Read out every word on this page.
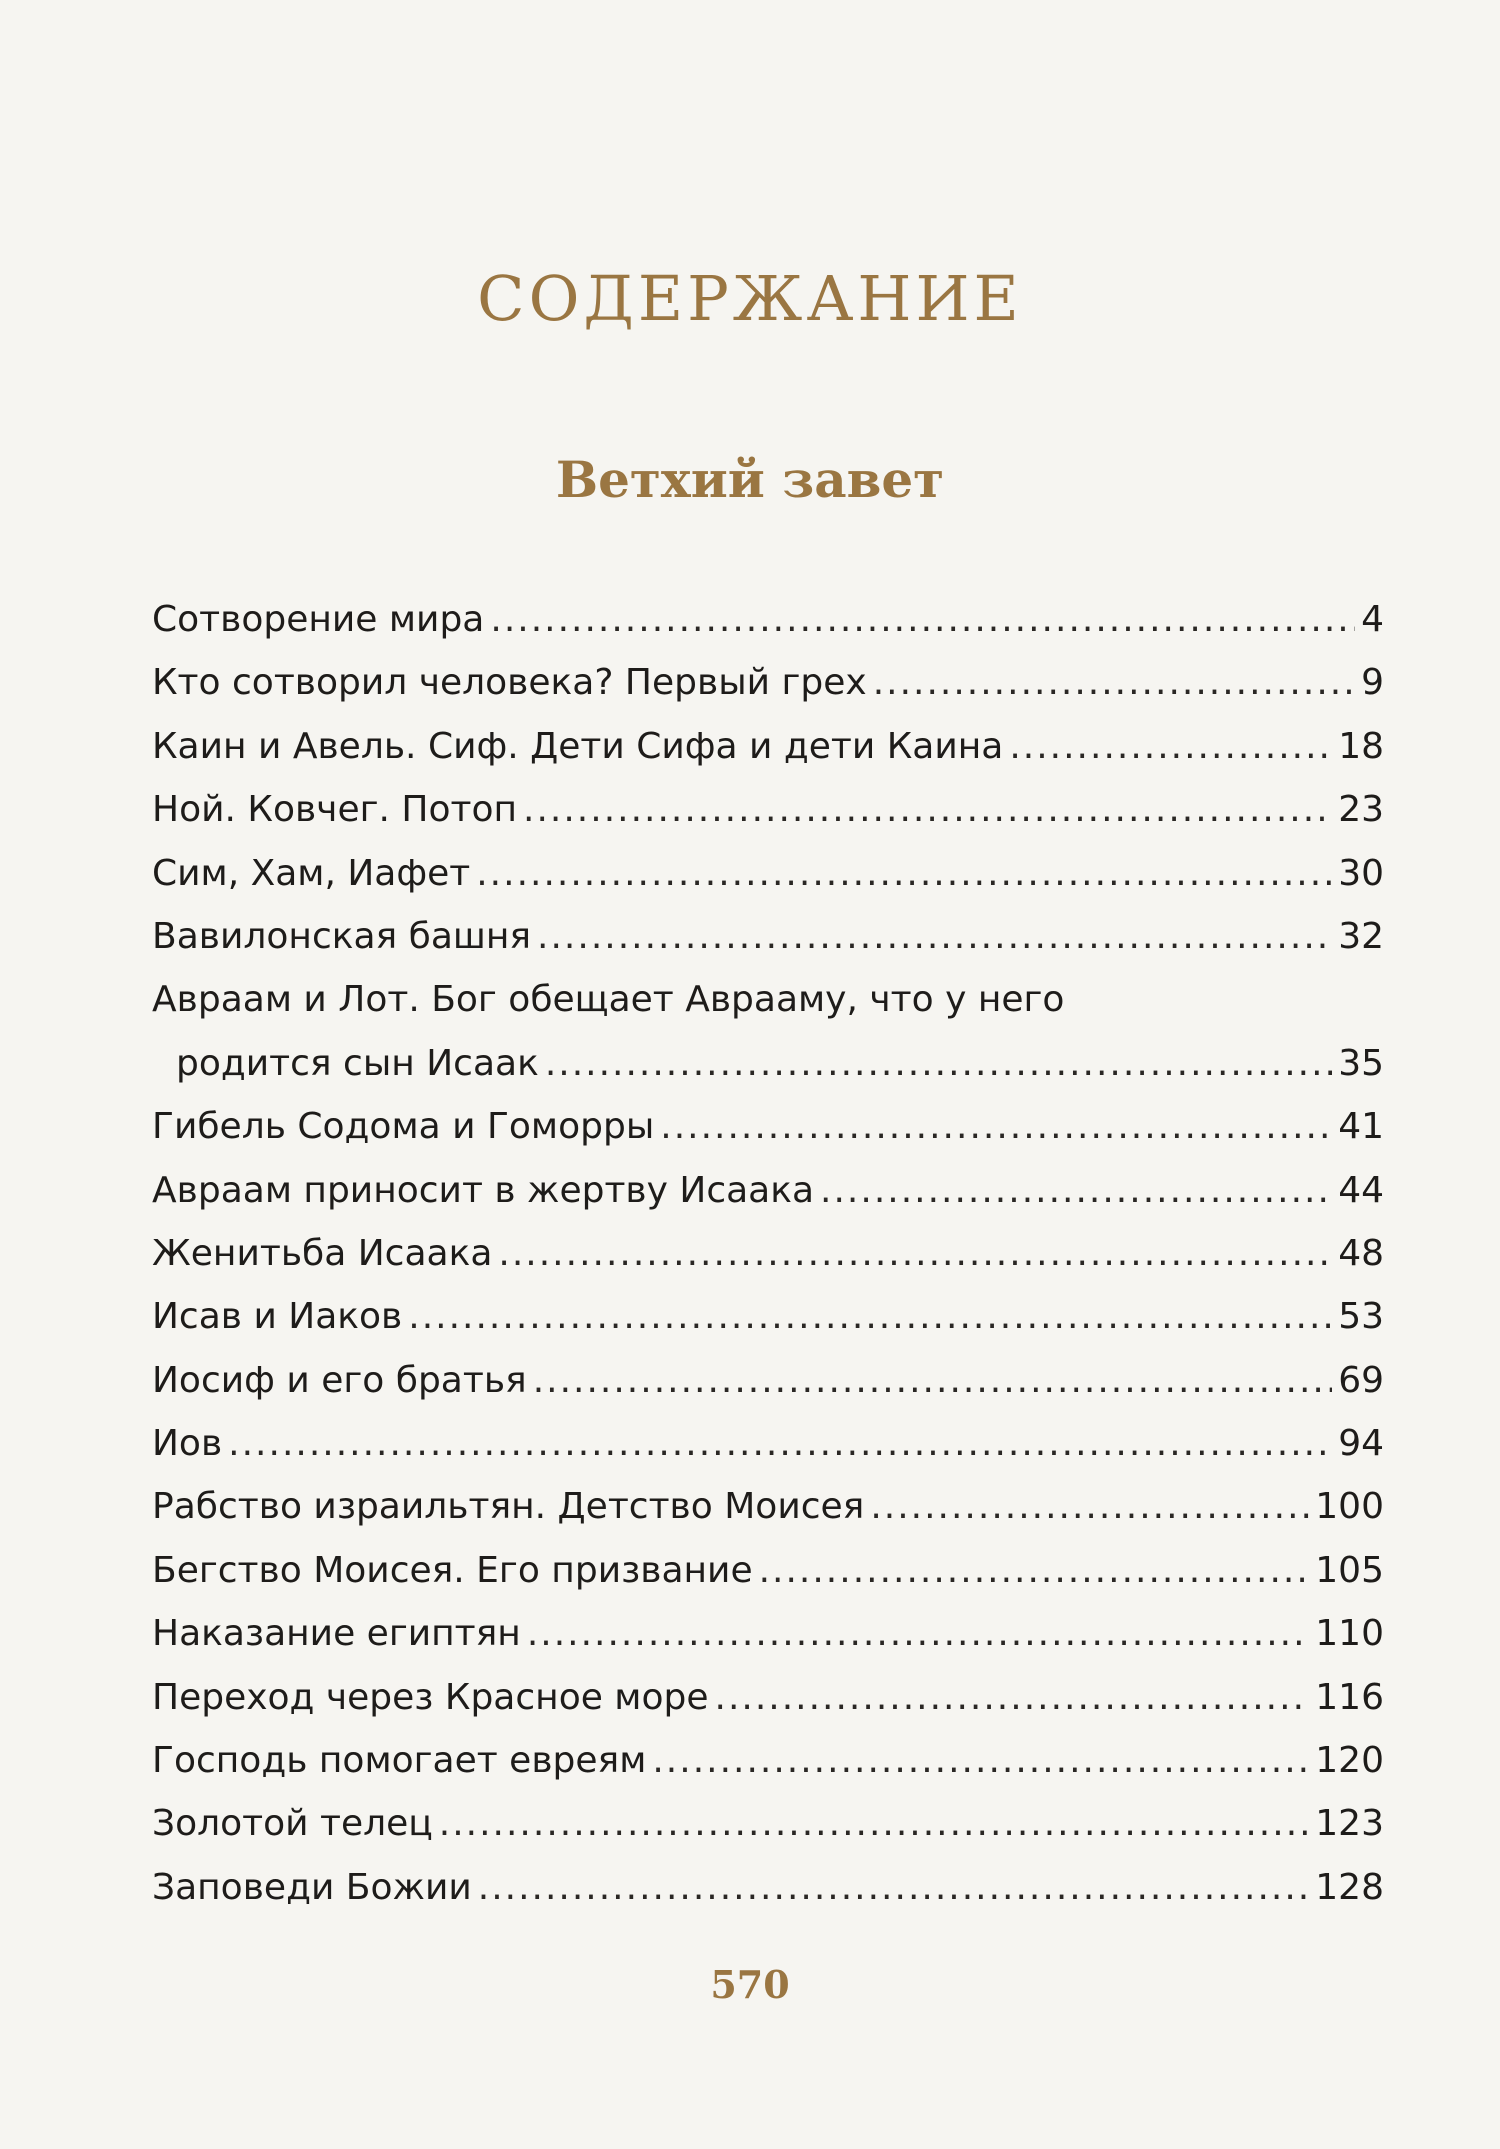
СОДЕРЖАНИЕ
Ветхий завет
Сотворение мира .....	4
Кто сотворил человека? Первый грех .....	9
Каин и Авель. Сиф. Дети Сифа и дети Каина .....	18
Ной. Ковчег. Потоп .....	23
Сим, Хам, Иафет .....	30
Вавилонская башня .....	32
Авраам и Лот. Бог обещает Аврааму, что у него
родится сын Исаак .....	35
Гибель Содома и Гоморры .....	41
Авраам приносит в жертву Исаака .....	44
Женитьба Исаака .....	48
Исав и Иаков .....	53
Иосиф и его братья .....	69
Иов .....	94
Рабство израильтян. Детство Моисея .....	100
Бегство Моисея. Его призвание .....	105
Наказание египтян .....	110
Переход через Красное море .....	116
Господь помогает евреям .....	120
Золотой телец .....	123
Заповеди Божии .....	128
570
